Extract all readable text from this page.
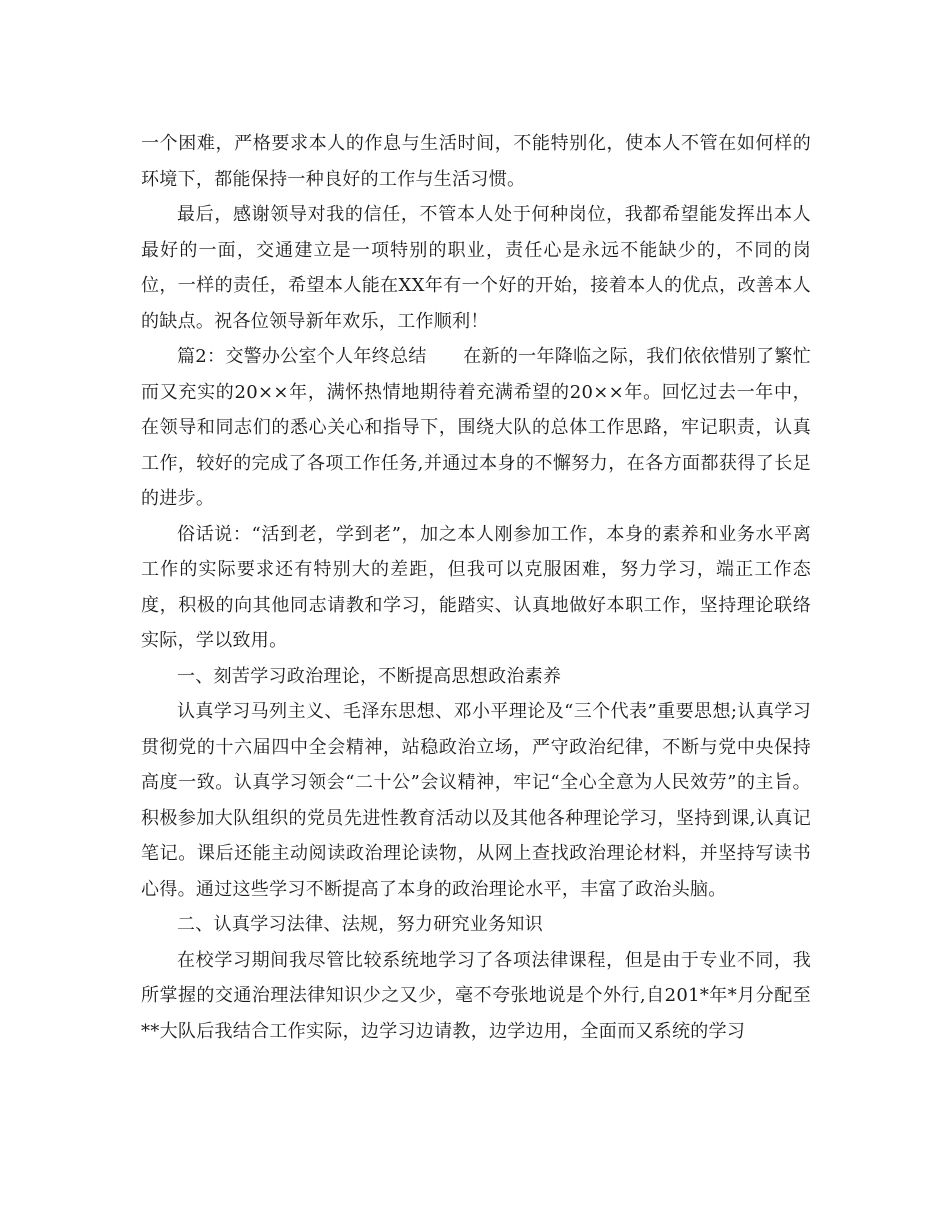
一个困难，严格要求本人的作息与生活时间，不能特别化，使本人不管在如何样的环境下，都能保持一种良好的工作与生活习惯。

最后，感谢领导对我的信任，不管本人处于何种岗位，我都希望能发挥出本人最好的一面，交通建立是一项特别的职业，责任心是永远不能缺少的，不同的岗位，一样的责任，希望本人能在XX年有一个好的开始，接着本人的优点，改善本人的缺点。祝各位领导新年欢乐，工作顺利！

篇2：交警办公室个人年终总结　　在新的一年降临之际，我们依依惜别了繁忙而又充实的20××年，满怀热情地期待着充满希望的20××年。回忆过去一年中，在领导和同志们的悉心关心和指导下，围绕大队的总体工作思路，牢记职责，认真工作，较好的完成了各项工作任务,并通过本身的不懈努力，在各方面都获得了长足的进步。

俗话说：“活到老，学到老”，加之本人刚参加工作，本身的素养和业务水平离工作的实际要求还有特别大的差距，但我可以克服困难，努力学习，端正工作态度，积极的向其他同志请教和学习，能踏实、认真地做好本职工作，坚持理论联络实际，学以致用。

一、刻苦学习政治理论，不断提高思想政治素养

认真学习马列主义、毛泽东思想、邓小平理论及“三个代表”重要思想;认真学习贯彻党的十六届四中全会精神，站稳政治立场，严守政治纪律，不断与党中央保持高度一致。认真学习领会“二十公”会议精神，牢记“全心全意为人民效劳”的主旨。积极参加大队组织的党员先进性教育活动以及其他各种理论学习，坚持到课,认真记笔记。课后还能主动阅读政治理论读物，从网上查找政治理论材料，并坚持写读书心得。通过这些学习不断提高了本身的政治理论水平，丰富了政治头脑。

二、认真学习法律、法规，努力研究业务知识

在校学习期间我尽管比较系统地学习了各项法律课程，但是由于专业不同，我所掌握的交通治理法律知识少之又少，毫不夸张地说是个外行,自201*年*月分配至**大队后我结合工作实际，边学习边请教，边学边用，全面而又系统的学习
